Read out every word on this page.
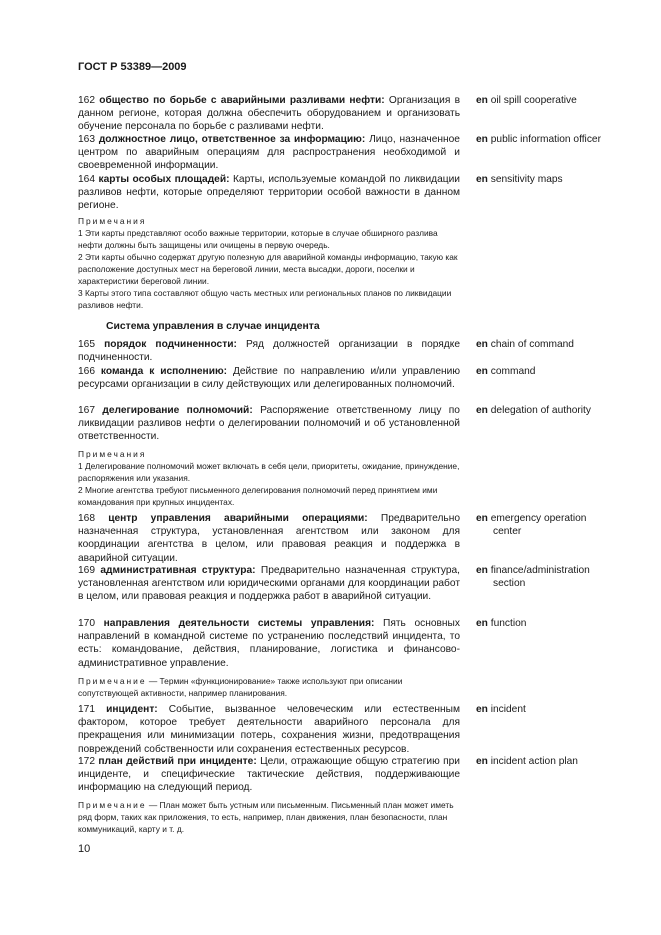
ГОСТ Р 53389—2009
162 общество по борьбе с аварийными разливами нефти: Организация в данном регионе, которая должна обеспечить оборудованием и организовать обучение персонала по борьбе с разливами нефти.
en oil spill cooperative
163 должностное лицо, ответственное за информацию: Лицо, назначенное центром по аварийным операциям для распространения необходимой и своевременной информации.
en public information officer
164 карты особых площадей: Карты, используемые командой по ликвидации разливов нефти, которые определяют территории особой важности в данном регионе.
en sensitivity maps
Примечания
1 Эти карты представляют особо важные территории, которые в случае обширного разлива нефти должны быть защищены или очищены в первую очередь.
2 Эти карты обычно содержат другую полезную для аварийной команды информацию, такую как расположение доступных мест на береговой линии, места высадки, дороги, поселки и характеристики береговой линии.
3 Карты этого типа составляют общую часть местных или региональных планов по ликвидации разливов нефти.
Система управления в случае инцидента
165 порядок подчиненности: Ряд должностей организации в порядке подчиненности.
en chain of command
166 команда к исполнению: Действие по направлению и/или управлению ресурсами организации в силу действующих или делегированных полномочий.
en command
167 делегирование полномочий: Распоряжение ответственному лицу по ликвидации разливов нефти о делегировании полномочий и об установленной ответственности.
en delegation of authority
Примечания
1 Делегирование полномочий может включать в себя цели, приоритеты, ожидание, принуждение, распоряжения или указания.
2 Многие агентства требуют письменного делегирования полномочий перед принятием ими командования при крупных инцидентах.
168 центр управления аварийными операциями: Предварительно назначенная структура, установленная агентством или законом для координации агентства в целом, или правовая реакция и поддержка в аварийной ситуации.
en emergency operation
center
169 административная структура: Предварительно назначенная структура, установленная агентством или юридическими органами для координации работ в целом, или правовая реакция и поддержка работ в аварийной ситуации.
en finance/administration
section
170 направления деятельности системы управления: Пять основных направлений в командной системе по устранению последствий инцидента, то есть: командование, действия, планирование, логистика и финансово-административное управление.
en function
Примечание — Термин «функционирование» также используют при описании сопутствующей активности, например планирования.
171 инцидент: Событие, вызванное человеческим или естественным фактором, которое требует деятельности аварийного персонала для прекращения или минимизации потерь, сохранения жизни, предотвращения повреждений собственности или сохранения естественных ресурсов.
en incident
172 план действий при инциденте: Цели, отражающие общую стратегию при инциденте, и специфические тактические действия, поддерживающие информацию на следующий период.
en incident action plan
Примечание — План может быть устным или письменным. Письменный план может иметь ряд форм, таких как приложения, то есть, например, план движения, план безопасности, план коммуникаций, карту и т. д.
10
